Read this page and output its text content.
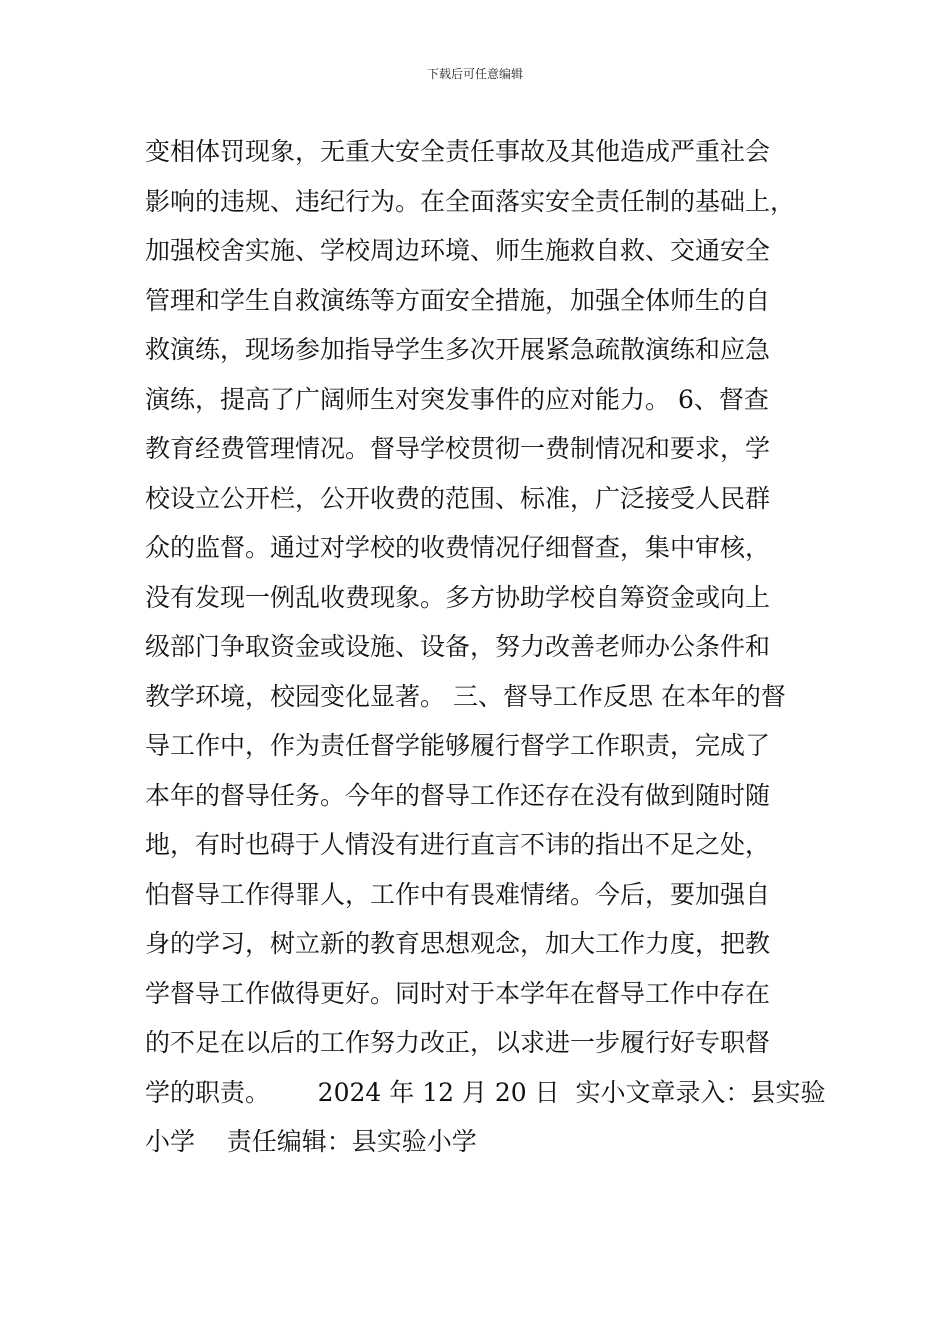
下载后可任意编辑
变相体罚现象，无重大安全责任事故及其他造成严重社会
影响的违规、违纪行为。在全面落实安全责任制的基础上，
加强校舍实施、学校周边环境、师生施救自救、交通安全
管理和学生自救演练等方面安全措施，加强全体师生的自
救演练，现场参加指导学生多次开展紧急疏散演练和应急
演练，提高了广阔师生对突发事件的应对能力。 6、督查
教育经费管理情况。督导学校贯彻一费制情况和要求，学
校设立公开栏，公开收费的范围、标准，广泛接受人民群
众的监督。通过对学校的收费情况仔细督查，集中审核，
没有发现一例乱收费现象。多方协助学校自筹资金或向上
级部门争取资金或设施、设备，努力改善老师办公条件和
教学环境，校园变化显著。 三、督导工作反思 在本年的督
导工作中，作为责任督学能够履行督学工作职责，完成了
本年的督导任务。今年的督导工作还存在没有做到随时随
地，有时也碍于人情没有进行直言不讳的指出不足之处，
怕督导工作得罪人，工作中有畏难情绪。今后，要加强自
身的学习，树立新的教育思想观念，加大工作力度，把教
学督导工作做得更好。同时对于本学年在督导工作中存在
的不足在以后的工作努力改正，以求进一步履行好专职督
学的职责。      2024 年 12 月 20 日  实小文章录入：县实验
小学    责任编辑：县实验小学
